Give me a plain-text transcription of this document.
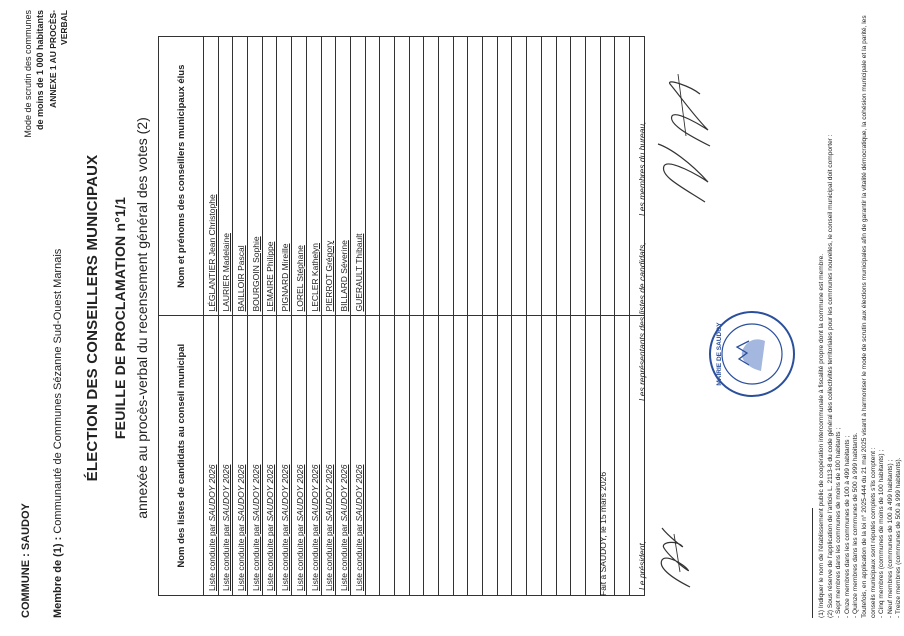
COMMUNE : SAUDOY
Membre de (1) : Communauté de Communes Sézanne Sud-Ouest Marnais
Mode de scrutin des communes de moins de 1 000 habitants ANNEXE 1 AU PROCÈS- VERBAL
ÉLECTION DES CONSEILLERS MUNICIPAUX FEUILLE DE PROCLAMATION n°1/1 annexée au procès-verbal du recensement général des votes (2)	Nom des listes de candidats au conseil municipal	Nom et prénoms des conseillers municipaux élus
Liste conduite par SAUDOY 2026	LÉGLANTIER Jean Christophe
Liste conduite par SAUDOY 2026	LAURIER Madelaine
Liste conduite par SAUDOY 2026	BAILLOIR Pascal
Liste conduite par SAUDOY 2026	BOURGOIN Sophie
Liste conduite par SAUDOY 2026	LEMAIRE Philippe
Liste conduite par SAUDOY 2026	PIGNARD Mireille
Liste conduite par SAUDOY 2026	LOREL Stéphane
Liste conduite par SAUDOY 2026	LECLER Kathelyn
Liste conduite par SAUDOY 2026	PIERROT Grégory
Liste conduite par SAUDOY 2026	BILLARD Séverine
Liste conduite par SAUDOY 2026	GUERAULT Thibault

Fait à SAUDOY, le 15 mars 2026	Le président,
Les représentants des listes de candidats,
Les membres du bureau,
MAIRIE DE SAUDOY	(1) Indiquer le nom de l'établissement public de coopération intercommunale à fiscalité propre dont la commune est membre. (2) Sous réserve de l'application de l'article L. 2113-8 du code général des collectivités territoriales pour les communes nouvelles, le conseil municipal doit comporter : - Sept membres dans les communes de moins de 100 habitants ; - Onze membres dans les communes de 100 à 499 habitants ; - Quinze membres dans les communes de 500 à 999 habitants. Toutefois, en application de la loi n° 2025-444 du 21 mai 2025 visant à harmoniser le mode de scrutin aux élections municipales afin de garantir la vitalité démocratique, la cohésion municipale et la parité, les conseils municipaux sont réputés complets s'ils comptent : - Cinq membres (communes de moins de 100 habitants) ; - Neuf membres (communes de 100 à 499 habitants) ; - Treize membres (communes de 500 à 999 habitants).
